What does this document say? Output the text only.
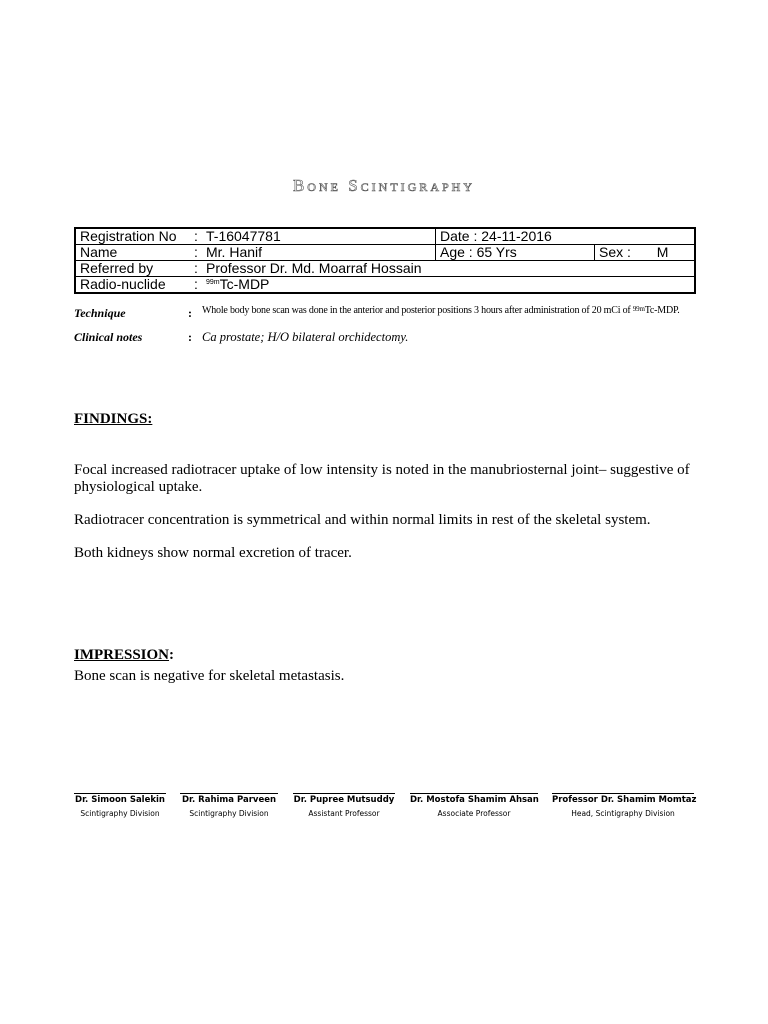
Bone Scintigraphy
Registration No	:	T-16047781	Date : 24-11-2016	
Name	:	Mr. Hanif	Age : 65 Yrs	Sex : M
Referred by	:	Professor Dr. Md. Moarraf Hossain		
Radio-nuclide	:	$^{99m}$Tc-MDP		
Technique	: Whole body bone scan was done in the anterior and posterior positions 3 hours after administration of 20 mCi of $^{99m}$Tc-MDP.
Clinical notes	: Ca prostate; H/O bilateral orchidectomy.
FINDINGS:
Focal increased radiotracer uptake of low intensity is noted in the manubriosternal joint– suggestive of physiological uptake.
Radiotracer concentration is symmetrical and within normal limits in rest of the skeletal system.
Both kidneys show normal excretion of tracer.
IMPRESSION:
Bone scan is negative for skeletal metastasis.
Dr. Simoon Salekin
Scintigraphy Division
Dr. Rahima Parveen
Scintigraphy Division
Dr. Pupree Mutsuddy
Assistant Professor
Dr. Mostofa Shamim Ahsan
Associate Professor
Professor Dr. Shamim Momtaz
Head, Scintigraphy Division
